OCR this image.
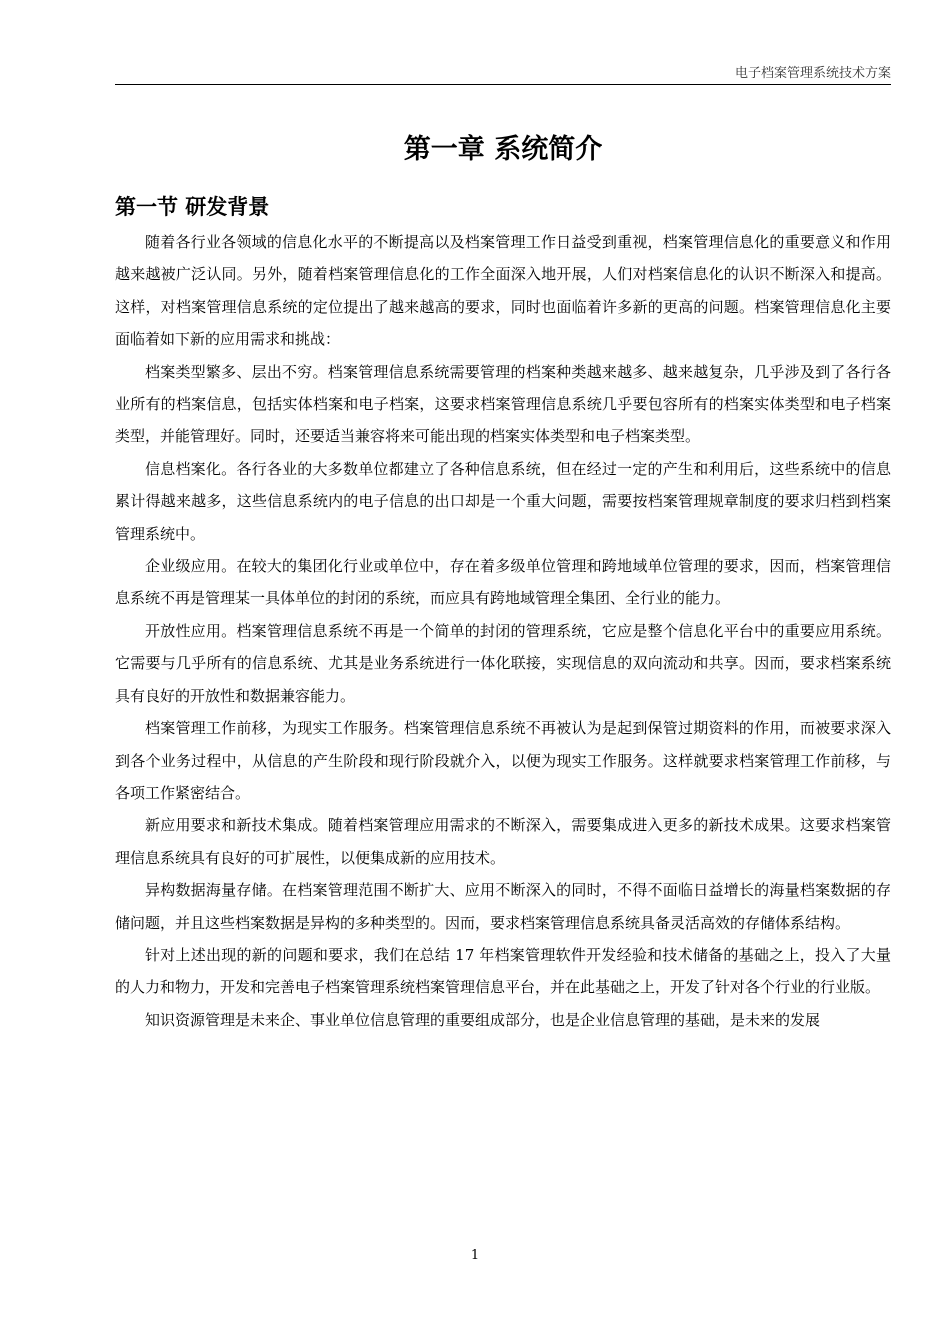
电子档案管理系统技术方案
第一章 系统简介
第一节 研发背景

随着各行业各领域的信息化水平的不断提高以及档案管理工作日益受到重视，档案管理信息化的重要意义和作用越来越被广泛认同。另外，随着档案管理信息化的工作全面深入地开展，人们对档案信息化的认识不断深入和提高。这样，对档案管理信息系统的定位提出了越来越高的要求，同时也面临着许多新的更高的问题。档案管理信息化主要面临着如下新的应用需求和挑战：

档案类型繁多、层出不穷。档案管理信息系统需要管理的档案种类越来越多、越来越复杂，几乎涉及到了各行各业所有的档案信息，包括实体档案和电子档案，这要求档案管理信息系统几乎要包容所有的档案实体类型和电子档案类型，并能管理好。同时，还要适当兼容将来可能出现的档案实体类型和电子档案类型。

信息档案化。各行各业的大多数单位都建立了各种信息系统，但在经过一定的产生和利用后，这些系统中的信息累计得越来越多，这些信息系统内的电子信息的出口却是一个重大问题，需要按档案管理规章制度的要求归档到档案管理系统中。

企业级应用。在较大的集团化行业或单位中，存在着多级单位管理和跨地域单位管理的要求，因而，档案管理信息系统不再是管理某一具体单位的封闭的系统，而应具有跨地域管理全集团、全行业的能力。

开放性应用。档案管理信息系统不再是一个简单的封闭的管理系统，它应是整个信息化平台中的重要应用系统。它需要与几乎所有的信息系统、尤其是业务系统进行一体化联接，实现信息的双向流动和共享。因而，要求档案系统具有良好的开放性和数据兼容能力。

档案管理工作前移，为现实工作服务。档案管理信息系统不再被认为是起到保管过期资料的作用，而被要求深入到各个业务过程中，从信息的产生阶段和现行阶段就介入，以便为现实工作服务。这样就要求档案管理工作前移，与各项工作紧密结合。

新应用要求和新技术集成。随着档案管理应用需求的不断深入，需要集成进入更多的新技术成果。这要求档案管理信息系统具有良好的可扩展性，以便集成新的应用技术。

异构数据海量存储。在档案管理范围不断扩大、应用不断深入的同时，不得不面临日益增长的海量档案数据的存储问题，并且这些档案数据是异构的多种类型的。因而，要求档案管理信息系统具备灵活高效的存储体系结构。

针对上述出现的新的问题和要求，我们在总结 17 年档案管理软件开发经验和技术储备的基础之上，投入了大量的人力和物力，开发和完善电子档案管理系统档案管理信息平台，并在此基础之上，开发了针对各个行业的行业版。

知识资源管理是未来企、事业单位信息管理的重要组成部分，也是企业信息管理的基础，是未来的发展

1
